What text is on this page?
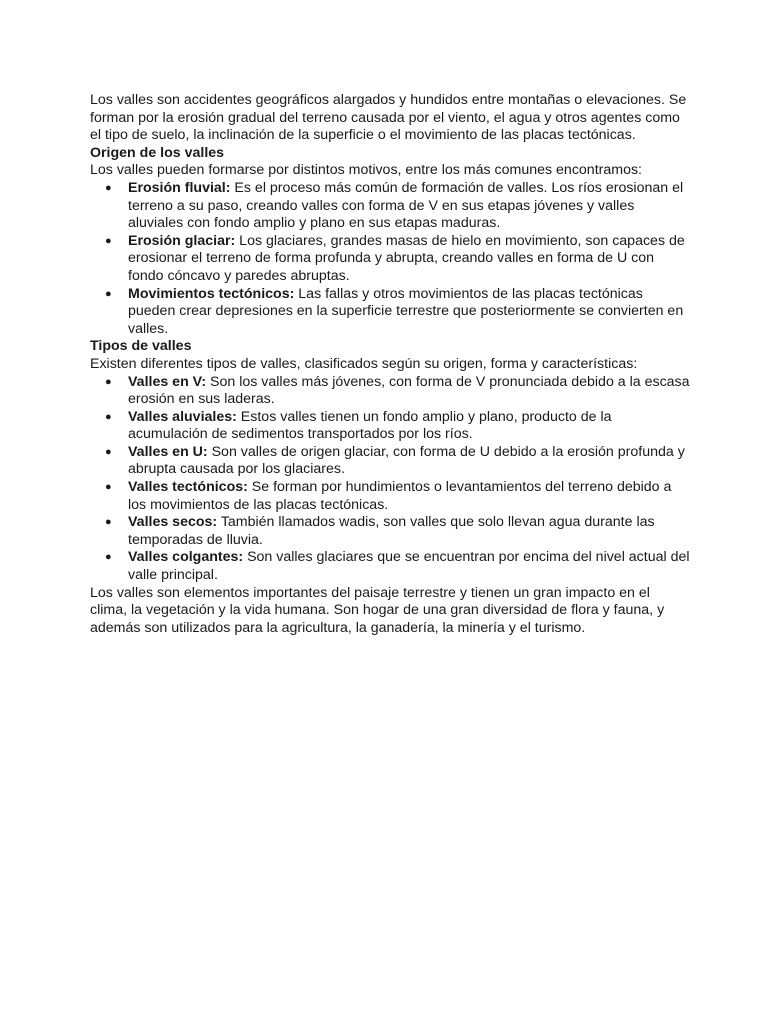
Los valles son accidentes geográficos alargados y hundidos entre montañas o elevaciones. Se forman por la erosión gradual del terreno causada por el viento, el agua y otros agentes como el tipo de suelo, la inclinación de la superficie o el movimiento de las placas tectónicas.

Origen de los valles

Los valles pueden formarse por distintos motivos, entre los más comunes encontramos:

● Erosión fluvial: Es el proceso más común de formación de valles. Los ríos erosionan el terreno a su paso, creando valles con forma de V en sus etapas jóvenes y valles aluviales con fondo amplio y plano en sus etapas maduras.
● Erosión glaciar: Los glaciares, grandes masas de hielo en movimiento, son capaces de erosionar el terreno de forma profunda y abrupta, creando valles en forma de U con fondo cóncavo y paredes abruptas.
● Movimientos tectónicos: Las fallas y otros movimientos de las placas tectónicas pueden crear depresiones en la superficie terrestre que posteriormente se convierten en valles.
Tipos de valles

Existen diferentes tipos de valles, clasificados según su origen, forma y características:

● Valles en V: Son los valles más jóvenes, con forma de V pronunciada debido a la escasa erosión en sus laderas.
● Valles aluviales: Estos valles tienen un fondo amplio y plano, producto de la acumulación de sedimentos transportados por los ríos.
● Valles en U: Son valles de origen glaciar, con forma de U debido a la erosión profunda y abrupta causada por los glaciares.
● Valles tectónicos: Se forman por hundimientos o levantamientos del terreno debido a los movimientos de las placas tectónicas.
● Valles secos: También llamados wadis, son valles que solo llevan agua durante las temporadas de lluvia.
● Valles colgantes: Son valles glaciares que se encuentran por encima del nivel actual del valle principal.

Los valles son elementos importantes del paisaje terrestre y tienen un gran impacto en el clima, la vegetación y la vida humana. Son hogar de una gran diversidad de flora y fauna, y además son utilizados para la agricultura, la ganadería, la minería y el turismo.
